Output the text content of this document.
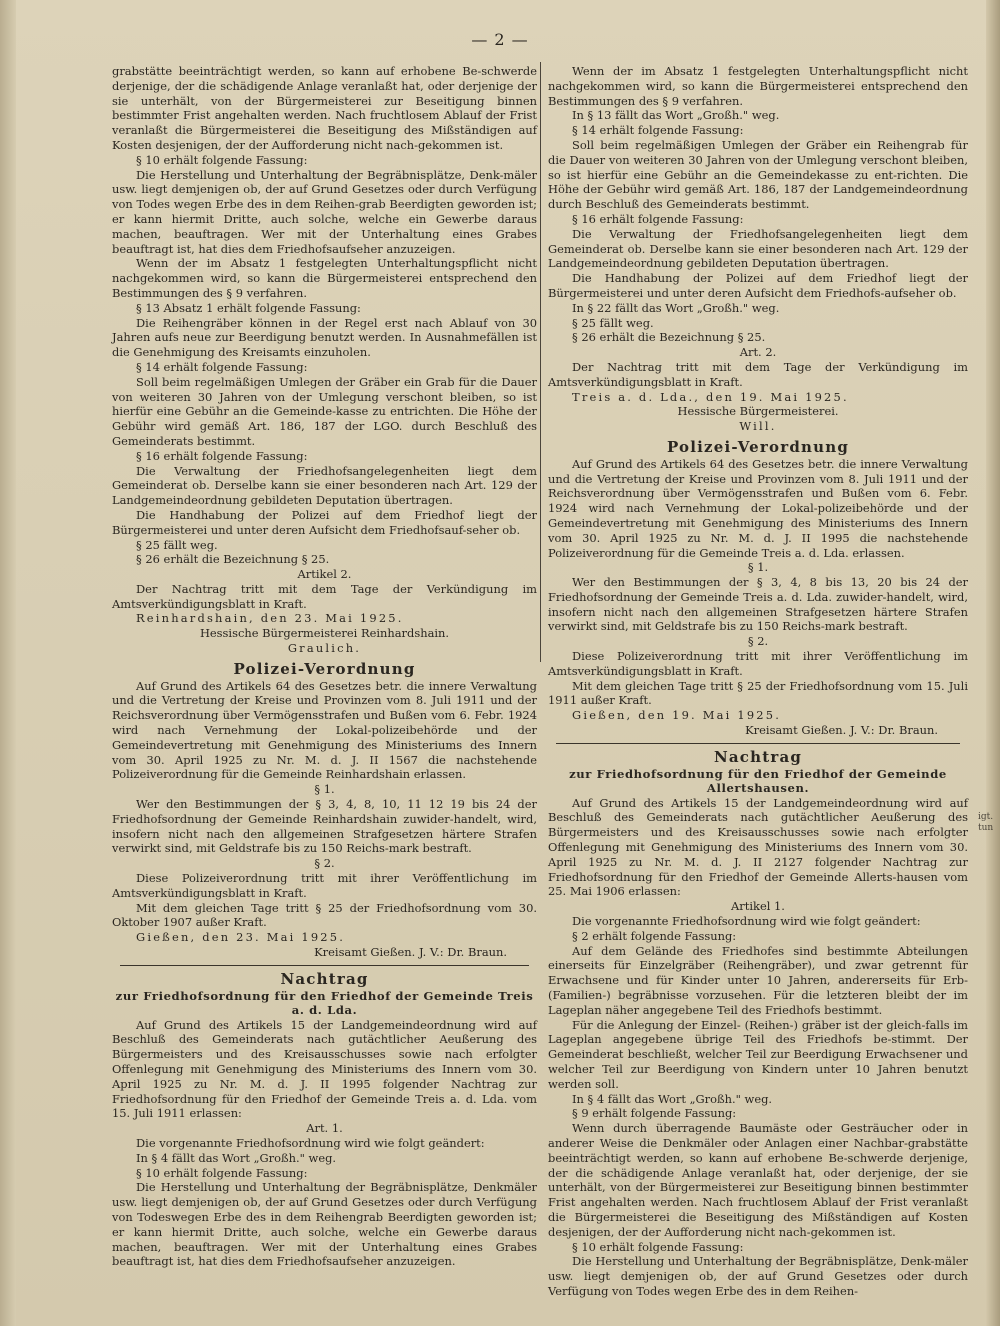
— 2 —

grabstätte beeinträchtigt werden, so kann auf erhobene Be-schwerde derjenige, der die schädigende Anlage veranlaßt hat, oder derjenige der sie unterhält, von der Bürgermeisterei zur Beseitigung binnen bestimmter Frist angehalten werden. Nach fruchtlosem Ablauf der Frist veranlaßt die Bürgermeisterei die Beseitigung des Mißständigen auf Kosten desjenigen, der der Aufforderung nicht nach-gekommen ist.

§ 10 erhält folgende Fassung:

Die Herstellung und Unterhaltung der Begräbnisplätze, Denk-mäler usw. liegt demjenigen ob, der auf Grund Gesetzes oder durch Verfügung von Todes wegen Erbe des in dem Reihen-grab Beerdigten geworden ist; er kann hiermit Dritte, auch solche, welche ein Gewerbe daraus machen, beauftragen. Wer mit der Unterhaltung eines Grabes beauftragt ist, hat dies dem Friedhofsaufseher anzuzeigen.

Wenn der im Absatz 1 festgelegten Unterhaltungspflicht nicht nachgekommen wird, so kann die Bürgermeisterei entsprechend den Bestimmungen des § 9 verfahren.

§ 13 Absatz 1 erhält folgende Fassung:

Die Reihengräber können in der Regel erst nach Ablauf von 30 Jahren aufs neue zur Beerdigung benutzt werden. In Ausnahmefällen ist die Genehmigung des Kreisamts einzuholen.

§ 14 erhält folgende Fassung:

Soll beim regelmäßigen Umlegen der Gräber ein Grab für die Dauer von weiteren 30 Jahren von der Umlegung verschont bleiben, so ist hierfür eine Gebühr an die Gemeinde-kasse zu entrichten. Die Höhe der Gebühr wird gemäß Art. 186, 187 der LGO. durch Beschluß des Gemeinderats bestimmt.

§ 16 erhält folgende Fassung:

Die Verwaltung der Friedhofsangelegenheiten liegt dem Gemeinderat ob. Derselbe kann sie einer besonderen nach Art. 129 der Landgemeindeordnung gebildeten Deputation übertragen.

Die Handhabung der Polizei auf dem Friedhof liegt der Bürgermeisterei und unter deren Aufsicht dem Friedhofsauf-seher ob.

§ 25 fällt weg.

§ 26 erhält die Bezeichnung § 25.

Artikel 2.

Der Nachtrag tritt mit dem Tage der Verkündigung im Amtsverkündigungsblatt in Kraft.

Reinhardshain, den 23. Mai 1925.

Hessische Bürgermeisterei Reinhardshain.

Graulich.

Polizei-Verordnung

Auf Grund des Artikels 64 des Gesetzes betr. die innere Verwaltung und die Vertretung der Kreise und Provinzen vom 8. Juli 1911 und der Reichsverordnung über Vermögensstrafen und Bußen vom 6. Febr. 1924 wird nach Vernehmung der Lokal-polizeibehörde und der Gemeindevertretung mit Genehmigung des Ministeriums des Innern vom 30. April 1925 zu Nr. M. d. J. II 1567 die nachstehende Polizeiverordnung für die Gemeinde Reinhardshain erlassen.

§ 1.

Wer den Bestimmungen der § 3, 4, 8, 10, 11 12 19 bis 24 der Friedhofsordnung der Gemeinde Reinhardshain zuwider-handelt, wird, insofern nicht nach den allgemeinen Strafgesetzen härtere Strafen verwirkt sind, mit Geldstrafe bis zu 150 Reichs-mark bestraft.

§ 2.

Diese Polizeiverordnung tritt mit ihrer Veröffentlichung im Amtsverkündigungsblatt in Kraft.

Mit dem gleichen Tage tritt § 25 der Friedhofsordnung vom 30. Oktober 1907 außer Kraft.

Gießen, den 23. Mai 1925.

Kreisamt Gießen. J. V.: Dr. Braun.

Nachtrag
zur Friedhofsordnung für den Friedhof der Gemeinde Treis a. d. Lda.

Auf Grund des Artikels 15 der Landgemeindeordnung wird auf Beschluß des Gemeinderats nach gutächtlicher Aeußerung des Bürgermeisters und des Kreisausschusses sowie nach erfolgter Offenlegung mit Genehmigung des Ministeriums des Innern vom 30. April 1925 zu Nr. M. d. J. II 1995 folgender Nachtrag zur Friedhofsordnung für den Friedhof der Gemeinde Treis a. d. Lda. vom 15. Juli 1911 erlassen:

Art. 1.

Die vorgenannte Friedhofsordnung wird wie folgt geändert:

In § 4 fällt das Wort „Großh." weg.

§ 10 erhält folgende Fassung:

Die Herstellung und Unterhaltung der Begräbnisplätze, Denkmäler usw. liegt demjenigen ob, der auf Grund Gesetzes oder durch Verfügung von Todeswegen Erbe des in dem Reihengrab Beerdigten geworden ist; er kann hiermit Dritte, auch solche, welche ein Gewerbe daraus machen, beauftragen. Wer mit der Unterhaltung eines Grabes beauftragt ist, hat dies dem Friedhofsaufseher anzuzeigen.

Wenn der im Absatz 1 festgelegten Unterhaltungspflicht nicht nachgekommen wird, so kann die Bürgermeisterei entsprechend den Bestimmungen des § 9 verfahren.

In § 13 fällt das Wort „Großh." weg.

§ 14 erhält folgende Fassung:

Soll beim regelmäßigen Umlegen der Gräber ein Reihengrab für die Dauer von weiteren 30 Jahren von der Umlegung verschont bleiben, so ist hierfür eine Gebühr an die Gemeindekasse zu ent-richten. Die Höhe der Gebühr wird gemäß Art. 186, 187 der Landgemeindeordnung durch Beschluß des Gemeinderats bestimmt.

§ 16 erhält folgende Fassung:

Die Verwaltung der Friedhofsangelegenheiten liegt dem Gemeinderat ob. Derselbe kann sie einer besonderen nach Art. 129 der Landgemeindeordnung gebildeten Deputation übertragen.

Die Handhabung der Polizei auf dem Friedhof liegt der Bürgermeisterei und unter deren Aufsicht dem Friedhofs-aufseher ob.

In § 22 fällt das Wort „Großh." weg.

§ 25 fällt weg.

§ 26 erhält die Bezeichnung § 25.

Art. 2.

Der Nachtrag tritt mit dem Tage der Verkündigung im Amtsverkündigungsblatt in Kraft.

Treis a. d. Lda., den 19. Mai 1925.

Hessische Bürgermeisterei.

Will.

Polizei-Verordnung

Auf Grund des Artikels 64 des Gesetzes betr. die innere Verwaltung und die Vertretung der Kreise und Provinzen vom 8. Juli 1911 und der Reichsverordnung über Vermögensstrafen und Bußen vom 6. Febr. 1924 wird nach Vernehmung der Lokal-polizeibehörde und der Gemeindevertretung mit Genehmigung des Ministeriums des Innern vom 30. April 1925 zu Nr. M. d. J. II 1995 die nachstehende Polizeiverordnung für die Gemeinde Treis a. d. Lda. erlassen.

§ 1.

Wer den Bestimmungen der § 3, 4, 8 bis 13, 20 bis 24 der Friedhofsordnung der Gemeinde Treis a. d. Lda. zuwider-handelt, wird, insofern nicht nach den allgemeinen Strafgesetzen härtere Strafen verwirkt sind, mit Geldstrafe bis zu 150 Reichs-mark bestraft.

§ 2.

Diese Polizeiverordnung tritt mit ihrer Veröffentlichung im Amtsverkündigungsblatt in Kraft.

Mit dem gleichen Tage tritt § 25 der Friedhofsordnung vom 15. Juli 1911 außer Kraft.

Gießen, den 19. Mai 1925.

Kreisamt Gießen. J. V.: Dr. Braun.

Nachtrag
zur Friedhofsordnung für den Friedhof der Gemeinde Allertshausen.

Auf Grund des Artikels 15 der Landgemeindeordnung wird auf Beschluß des Gemeinderats nach gutächtlicher Aeußerung des Bürgermeisters und des Kreisausschusses sowie nach erfolgter Offenlegung mit Genehmigung des Ministeriums des Innern vom 30. April 1925 zu Nr. M. d. J. II 2127 folgender Nachtrag zur Friedhofsordnung für den Friedhof der Gemeinde Allerts-hausen vom 25. Mai 1906 erlassen:

Artikel 1.

Die vorgenannte Friedhofsordnung wird wie folgt geändert:

§ 2 erhält folgende Fassung:

Auf dem Gelände des Friedhofes sind bestimmte Abteilungen einerseits für Einzelgräber (Reihengräber), und zwar getrennt für Erwachsene und für Kinder unter 10 Jahren, andererseits für Erb- (Familien-) begräbnisse vorzusehen. Für die letzteren bleibt der im Lageplan näher angegebene Teil des Friedhofs bestimmt.

Für die Anlegung der Einzel- (Reihen-) gräber ist der gleich-falls im Lageplan angegebene übrige Teil des Friedhofs be-stimmt. Der Gemeinderat beschließt, welcher Teil zur Beerdigung Erwachsener und welcher Teil zur Beerdigung von Kindern unter 10 Jahren benutzt werden soll.

In § 4 fällt das Wort „Großh." weg.

§ 9 erhält folgende Fassung:

Wenn durch überragende Baumäste oder Gesträucher oder in anderer Weise die Denkmäler oder Anlagen einer Nachbar-grabstätte beeinträchtigt werden, so kann auf erhobene Be-schwerde derjenige, der die schädigende Anlage veranlaßt hat, oder derjenige, der sie unterhält, von der Bürgermeisterei zur Beseitigung binnen bestimmter Frist angehalten werden. Nach fruchtlosem Ablauf der Frist veranlaßt die Bürgermeisterei die Beseitigung des Mißständigen auf Kosten desjenigen, der der Aufforderung nicht nach-gekommen ist.

§ 10 erhält folgende Fassung:

Die Herstellung und Unterhaltung der Begräbnisplätze, Denk-mäler usw. liegt demjenigen ob, der auf Grund Gesetzes oder durch Verfügung von Todes wegen Erbe des in dem Reihen-

igt. tun
